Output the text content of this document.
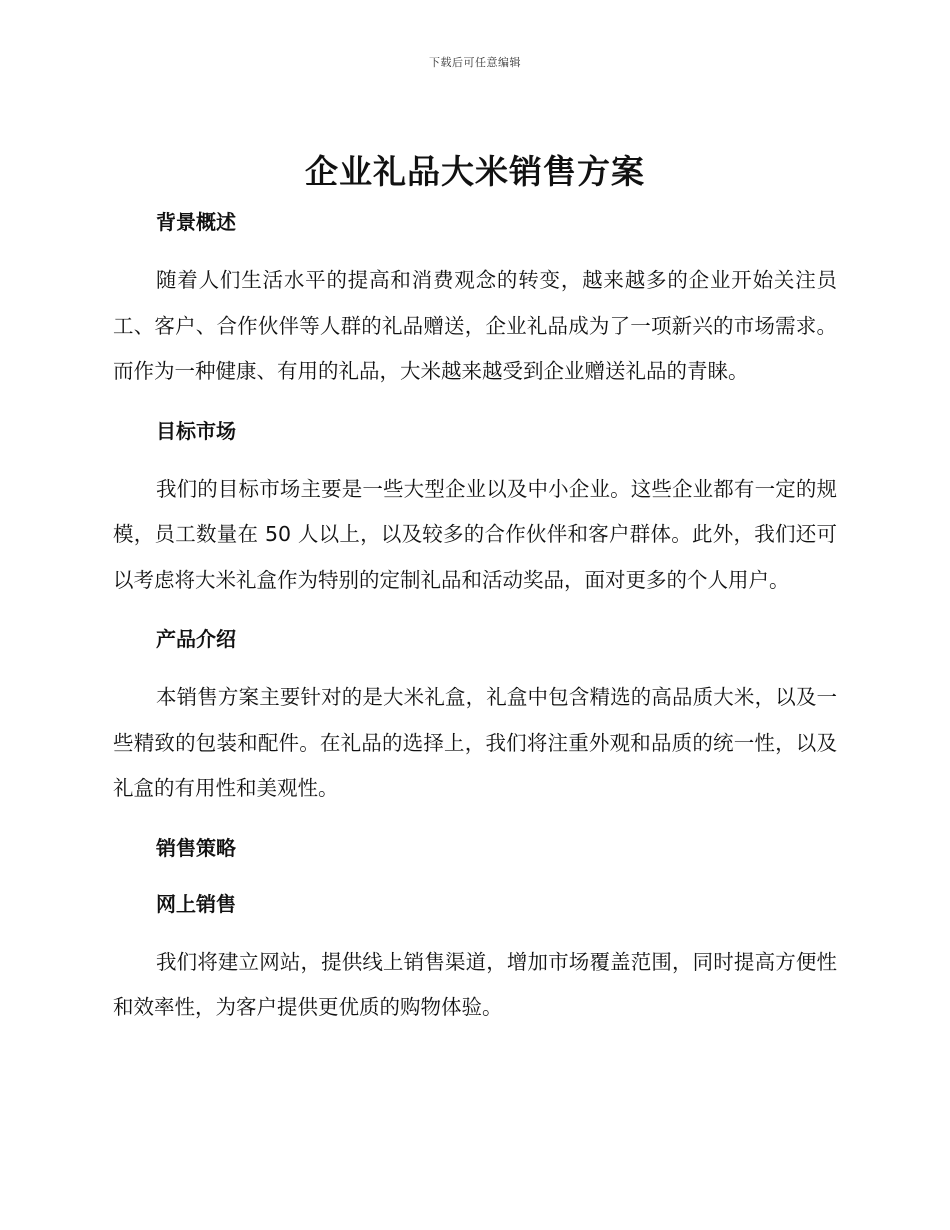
下载后可任意编辑
企业礼品大米销售方案
背景概述

随着人们生活水平的提高和消费观念的转变，越来越多的企业开始关注员工、客户、合作伙伴等人群的礼品赠送，企业礼品成为了一项新兴的市场需求。而作为一种健康、有用的礼品，大米越来越受到企业赠送礼品的青睐。

目标市场

我们的目标市场主要是一些大型企业以及中小企业。这些企业都有一定的规模，员工数量在 50 人以上，以及较多的合作伙伴和客户群体。此外，我们还可以考虑将大米礼盒作为特别的定制礼品和活动奖品，面对更多的个人用户。

产品介绍

本销售方案主要针对的是大米礼盒，礼盒中包含精选的高品质大米，以及一些精致的包装和配件。在礼品的选择上，我们将注重外观和品质的统一性，以及礼盒的有用性和美观性。

销售策略
网上销售

我们将建立网站，提供线上销售渠道，增加市场覆盖范围，同时提高方便性和效率性，为客户提供更优质的购物体验。
